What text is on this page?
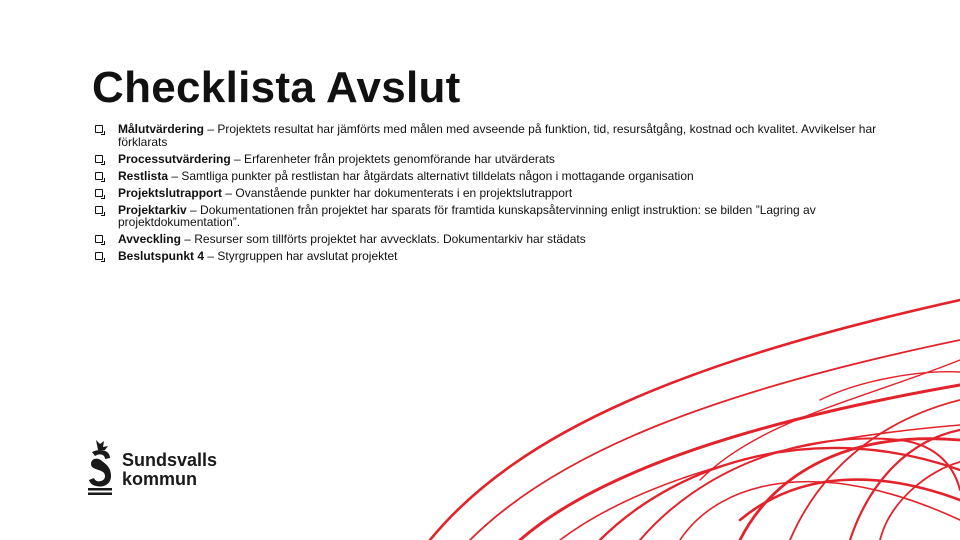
Checklista Avslut
Målutvärdering – Projektets resultat har jämförts med målen med avseende på funktion, tid, resursåtgång, kostnad och kvalitet. Avvikelser har förklarats
Processutvärdering – Erfarenheter från projektets genomförande har utvärderats
Restlista – Samtliga punkter på restlistan har åtgärdats alternativt tilldelats någon i mottagande organisation
Projektslutrapport – Ovanstående punkter har dokumenterats i en projektslutrapport
Projektarkiv – Dokumentationen från projektet har sparats för framtida kunskapsåtervinning enligt instruktion: se bilden ”Lagring av projektdokumentation”.
Avveckling – Resurser som tillförts projektet har avvecklats. Dokumentarkiv har städats
Beslutspunkt 4 – Styrgruppen har avslutat projektet
Sundsvalls
kommun
